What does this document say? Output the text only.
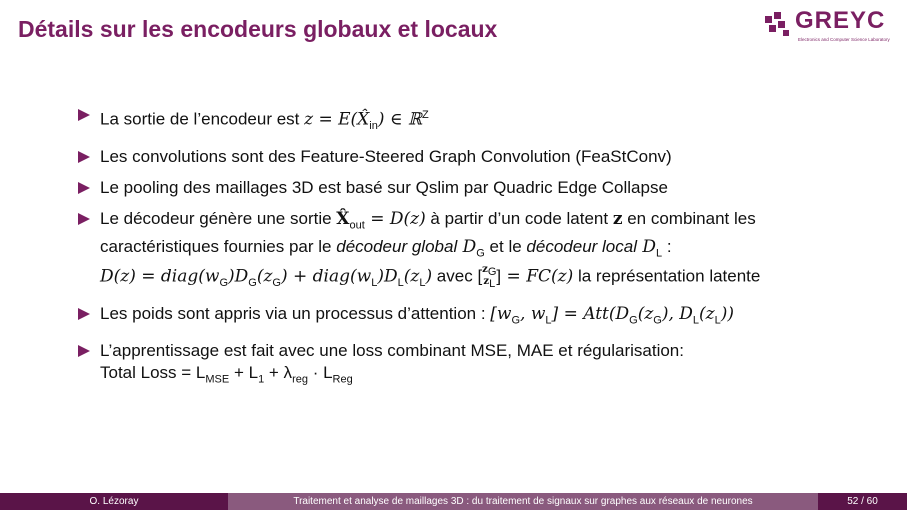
Détails sur les encodeurs globaux et locaux	GREYC
Electronics and Computer Science Laboratory
La sortie de l’encodeur est $z = E(X̂_{in})$ ∈ ℝ$^Z$
Les convolutions sont des Feature-Steered Graph Convolution (FeaStConv)
Le pooling des maillages 3D est basé sur Qslim par Quadric Edge Collapse
Le décodeur génère une sortie $X̂_{out} = D(z)$ à partir d’un code latent z en combinant les caractéristiques fournies par le décodeur global $D_G$ et le décodeur local $D_L$ :
$D(z) = diag(w_G)D_G(z_G)$ + $diag(w_L)D_L(z_L)$ avec [$z_G$
$z_L] = FC(z)$ la représentation latente
Les poids sont appris via un processus d’attention : [$w_G$, $w_L] = Att(D_G(z_G)$, $D_L(z_L)$)
L’apprentissage est fait avec une loss combinant MSE, MAE et régularisation:
Total Loss = $L_{MSE} + L_1 + \lambda_{reg} \cdot L_{Reg}$
O. Lézoray	Traitement et analyse de maillages 3D : du traitement de signaux sur graphes aux réseaux de neurones	52 / 60
